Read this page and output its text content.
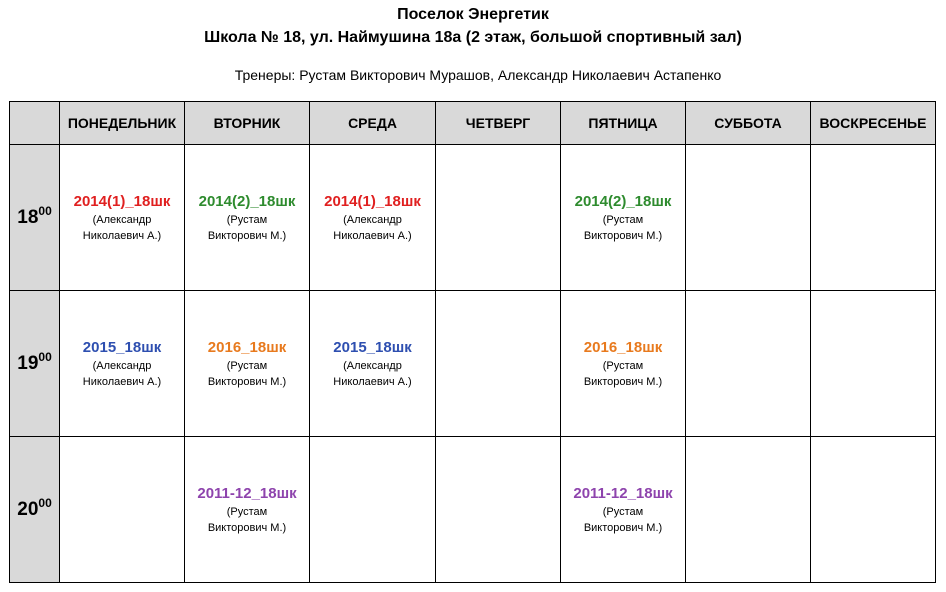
Поселок Энергетик
Школа № 18, ул. Наймушина 18а (2 этаж, большой спортивный зал)
Тренеры: Рустам Викторович Мурашов, Александр Николаевич Астапенко
	ПОНЕДЕЛЬНИК	ВТОРНИК	СРЕДА	ЧЕТВЕРГ	ПЯТНИЦА	СУББОТА	ВОСКРЕСЕНЬЕ
$18^{00}$	2014(1)_18шк
(Александр
Николаевич А.)	2014(2)_18шк
(Рустам
Викторович М.)	2014(1)_18шк
(Александр
Николаевич А.)		2014(2)_18шк
(Рустам
Викторович М.)		

$19^{00}$	2015_18шк
(Александр
Николаевич А.)	2016_18шк
(Рустам
Викторович М.)	2015_18шк
(Александр
Николаевич А.)		2016_18шк
(Рустам
Викторович М.)		

$20^{00}$		2011-12_18шк
(Рустам
Викторович М.)			2011-12_18шк
(Рустам
Викторович М.)		
